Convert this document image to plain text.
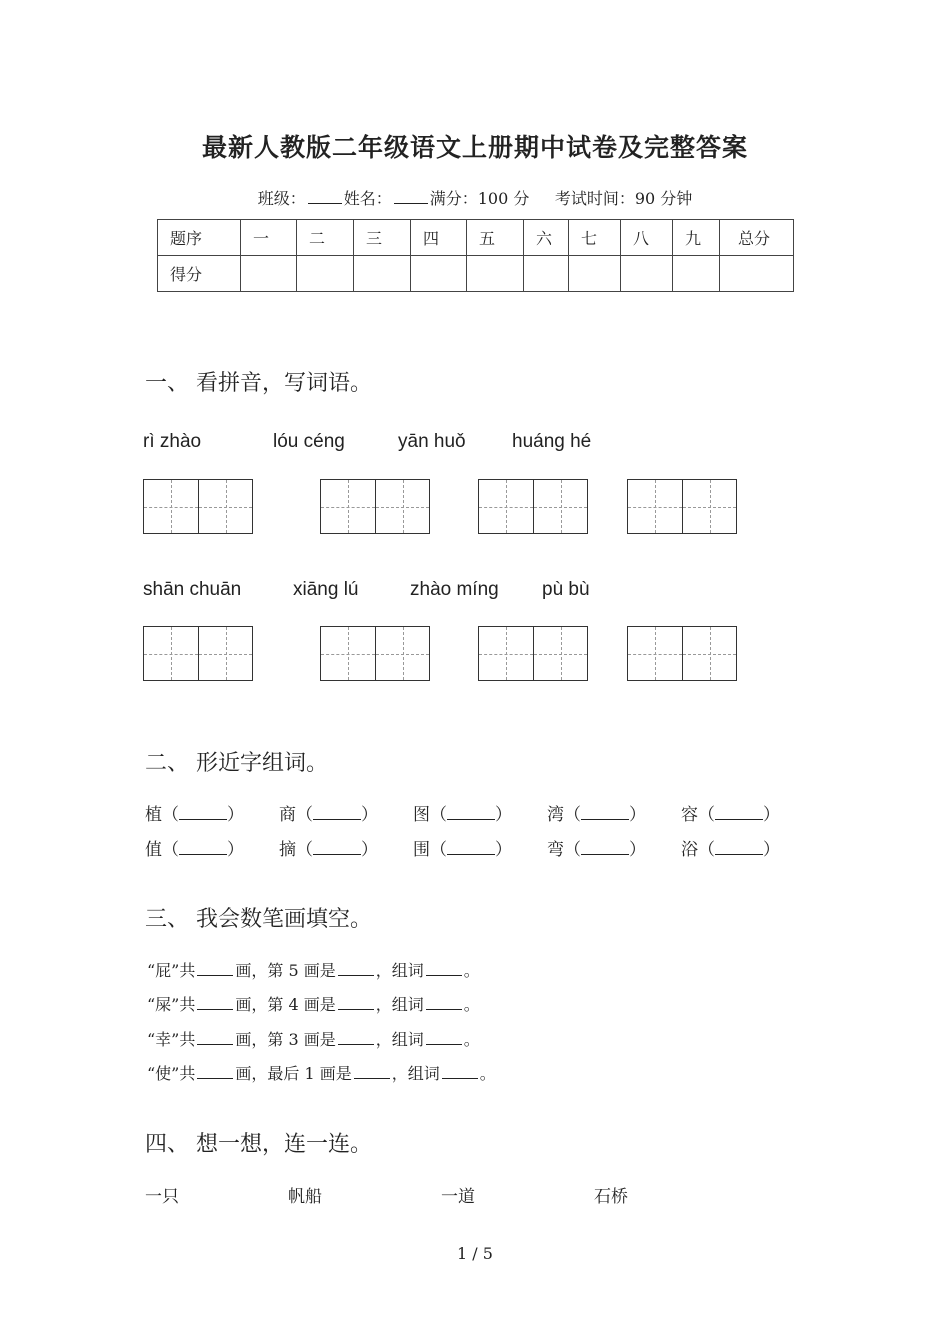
最新人教版二年级语文上册期中试卷及完整答案
班级： 姓名： 满分：100 分 考试时间：90 分钟
题序	一	二	三	四	五	六	七	八	九	总分
得分										
一、 看拼音，写词语。
rì zhào	lóu céng	yān huǒ huáng hé
shān chuān	xiāng lú	zhào míng pù bù
二、 形近字组词。
植（	）	商（	）	图（	）	湾（	）	容（	）
值（	）	摘（	）	围（	）	弯（	）	浴（	）
三、 我会数笔画填空。
“屁”共	画，第 5 画是	，组词	。
“屎”共	画，第 4 画是	，组词	。
“幸”共	画，第 3 画是	，组词	。
“使”共	画，最后 1 画是	，组词	。
四、 想一想，连一连。
一只	帆船	一道	石桥
1 / 5
